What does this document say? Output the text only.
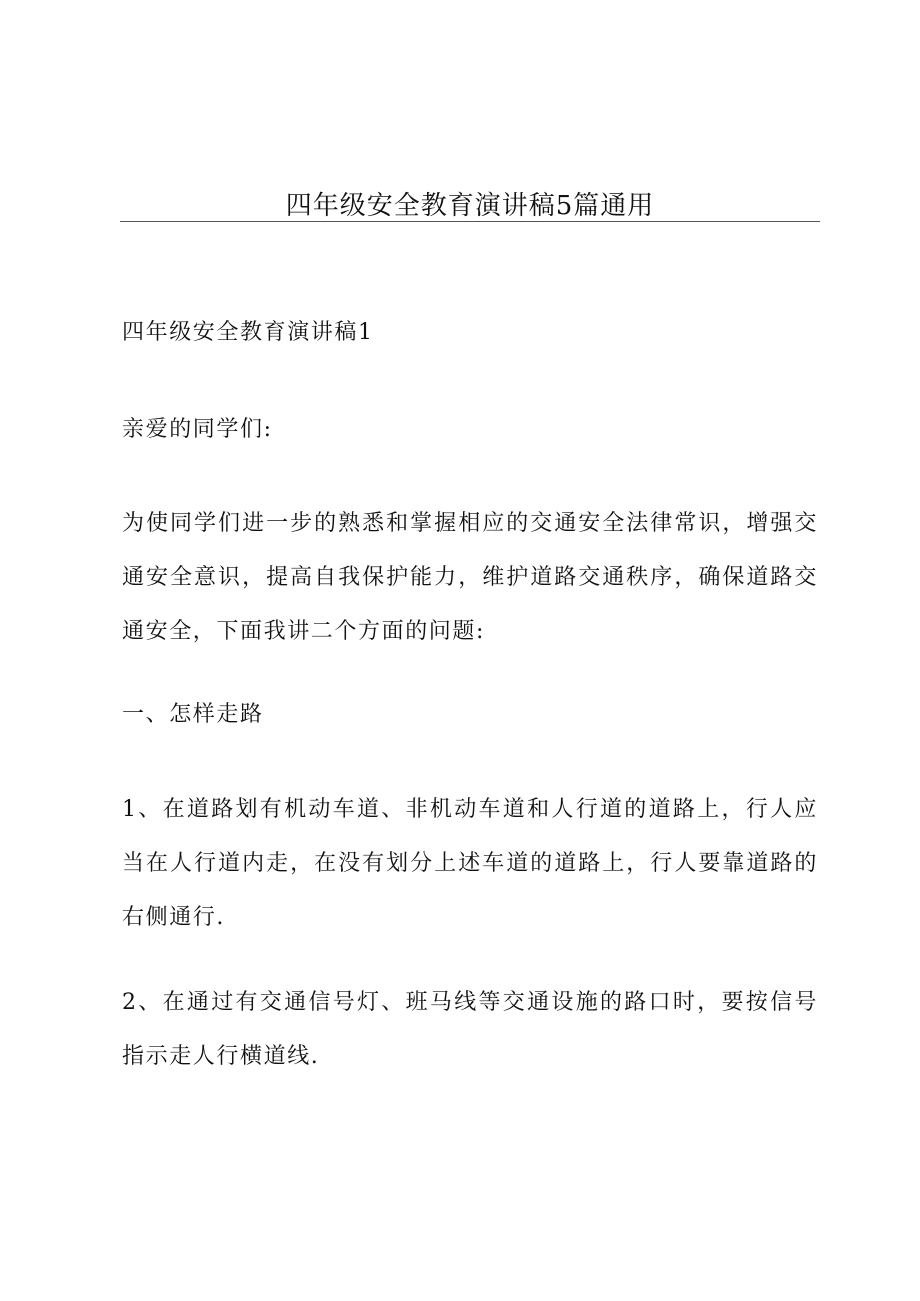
四年级安全教育演讲稿5篇通用

四年级安全教育演讲稿1

亲爱的同学们:

为使同学们进一步的熟悉和掌握相应的交通安全法律常识，增强交通安全意识，提高自我保护能力，维护道路交通秩序，确保道路交通安全，下面我讲二个方面的问题:

一、怎样走路

1、在道路划有机动车道、非机动车道和人行道的道路上，行人应当在人行道内走，在没有划分上述车道的道路上，行人要靠道路的右侧通行.

2、在通过有交通信号灯、班马线等交通设施的路口时，要按信号指示走人行横道线.
